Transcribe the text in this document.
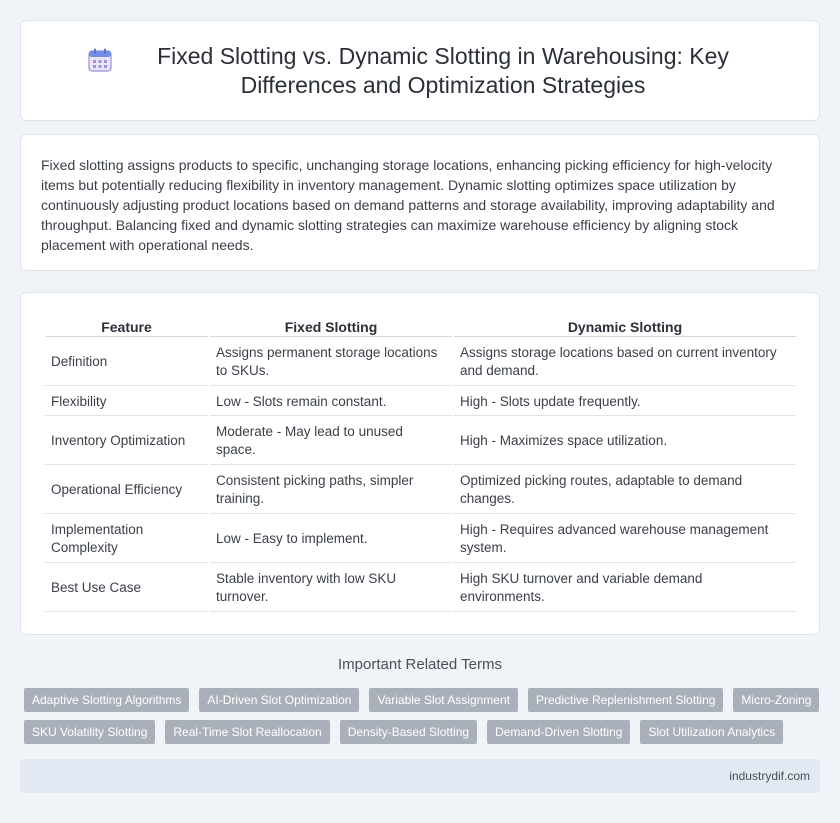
Fixed Slotting vs. Dynamic Slotting in Warehousing: Key Differences and Optimization Strategies

Fixed slotting assigns products to specific, unchanging storage locations, enhancing picking efficiency for high-velocity items but potentially reducing flexibility in inventory management. Dynamic slotting optimizes space utilization by continuously adjusting product locations based on demand patterns and storage availability, improving adaptability and throughput. Balancing fixed and dynamic slotting strategies can maximize warehouse efficiency by aligning stock placement with operational needs.

Feature	Fixed Slotting	Dynamic Slotting
Definition	Assigns permanent storage locations to SKUs.	Assigns storage locations based on current inventory and demand.
Flexibility	Low - Slots remain constant.	High - Slots update frequently.
Inventory Optimization	Moderate - May lead to unused space.	High - Maximizes space utilization.
Operational Efficiency	Consistent picking paths, simpler training.	Optimized picking routes, adaptable to demand changes.
Implementation Complexity	Low - Easy to implement.	High - Requires advanced warehouse management system.
Best Use Case	Stable inventory with low SKU turnover.	High SKU turnover and variable demand environments.
Important Related Terms
Adaptive Slotting Algorithms	AI-Driven Slot Optimization	Variable Slot Assignment	Predictive Replenishment Slotting	Micro-Zoning
SKU Volatility Slotting	Real-Time Slot Reallocation	Density-Based Slotting	Demand-Driven Slotting	Slot Utilization Analytics
industrydif.com
